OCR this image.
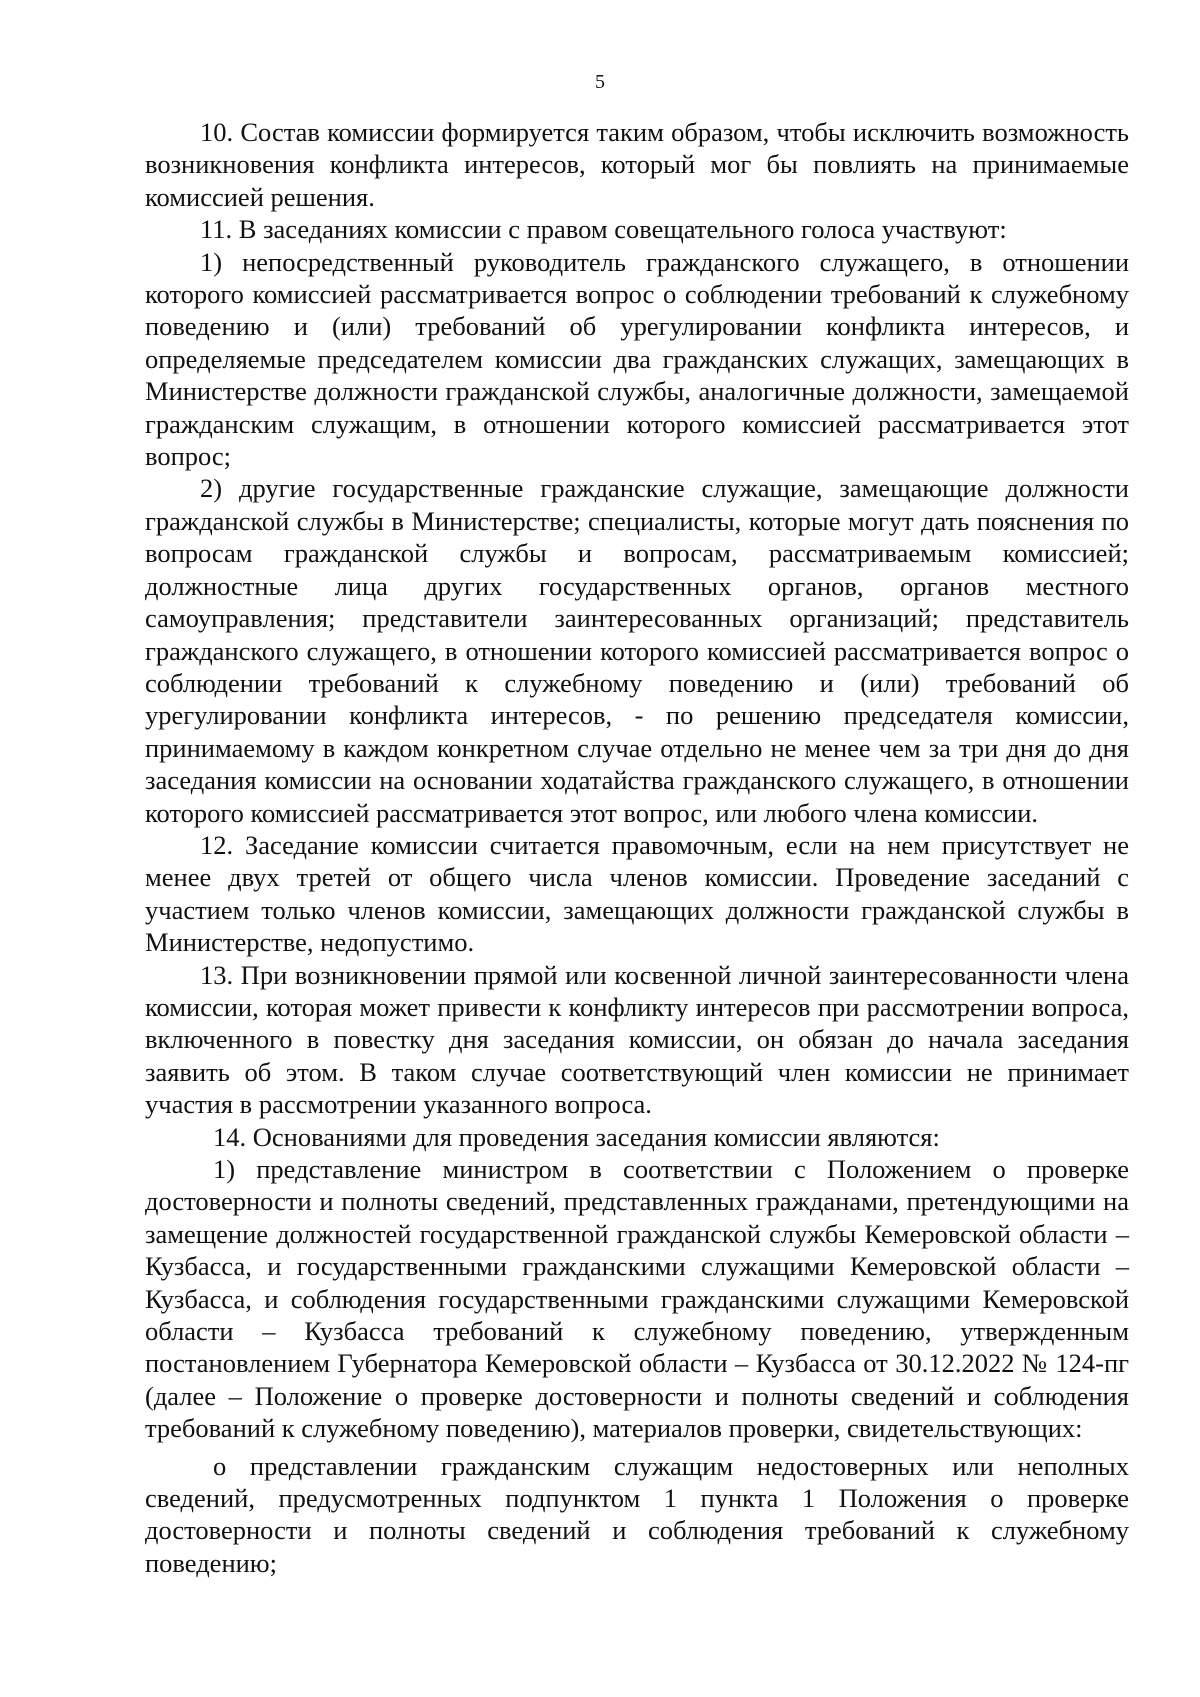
5

10. Состав комиссии формируется таким образом, чтобы исключить возможность возникновения конфликта интересов, который мог бы повлиять на принимаемые комиссией решения.

11. В заседаниях комиссии с правом совещательного голоса участвуют:

1) непосредственный руководитель гражданского служащего, в отношении которого комиссией рассматривается вопрос о соблюдении требований к служебному поведению и (или) требований об урегулировании конфликта интересов, и определяемые председателем комиссии два гражданских служащих, замещающих в Министерстве должности гражданской службы, аналогичные должности, замещаемой гражданским служащим, в отношении которого комиссией рассматривается этот вопрос;

2) другие государственные гражданские служащие, замещающие должности гражданской службы в Министерстве; специалисты, которые могут дать пояснения по вопросам гражданской службы и вопросам, рассматриваемым комиссией; должностные лица других государственных органов, органов местного самоуправления; представители заинтересованных организаций; представитель гражданского служащего, в отношении которого комиссией рассматривается вопрос о соблюдении требований к служебному поведению и (или) требований об урегулировании конфликта интересов, - по решению председателя комиссии, принимаемому в каждом конкретном случае отдельно не менее чем за три дня до дня заседания комиссии на основании ходатайства гражданского служащего, в отношении которого комиссией рассматривается этот вопрос, или любого члена комиссии.

12. Заседание комиссии считается правомочным, если на нем присутствует не менее двух третей от общего числа членов комиссии. Проведение заседаний с участием только членов комиссии, замещающих должности гражданской службы в Министерстве, недопустимо.

13. При возникновении прямой или косвенной личной заинтересованности члена комиссии, которая может привести к конфликту интересов при рассмотрении вопроса, включенного в повестку дня заседания комиссии, он обязан до начала заседания заявить об этом. В таком случае соответствующий член комиссии не принимает участия в рассмотрении указанного вопроса.

14. Основаниями для проведения заседания комиссии являются:

1) представление министром в соответствии с Положением о проверке достоверности и полноты сведений, представленных гражданами, претендующими на замещение должностей государственной гражданской службы Кемеровской области – Кузбасса, и государственными гражданскими служащими Кемеровской области – Кузбасса, и соблюдения государственными гражданскими служащими Кемеровской области – Кузбасса требований к служебному поведению, утвержденным постановлением Губернатора Кемеровской области – Кузбасса от 30.12.2022 № 124-пг (далее – Положение о проверке достоверности и полноты сведений и соблюдения требований к служебному поведению), материалов проверки, свидетельствующих:

о представлении гражданским служащим недостоверных или неполных сведений, предусмотренных подпунктом 1 пункта 1 Положения о проверке достоверности и полноты сведений и соблюдения требований к служебному поведению;
